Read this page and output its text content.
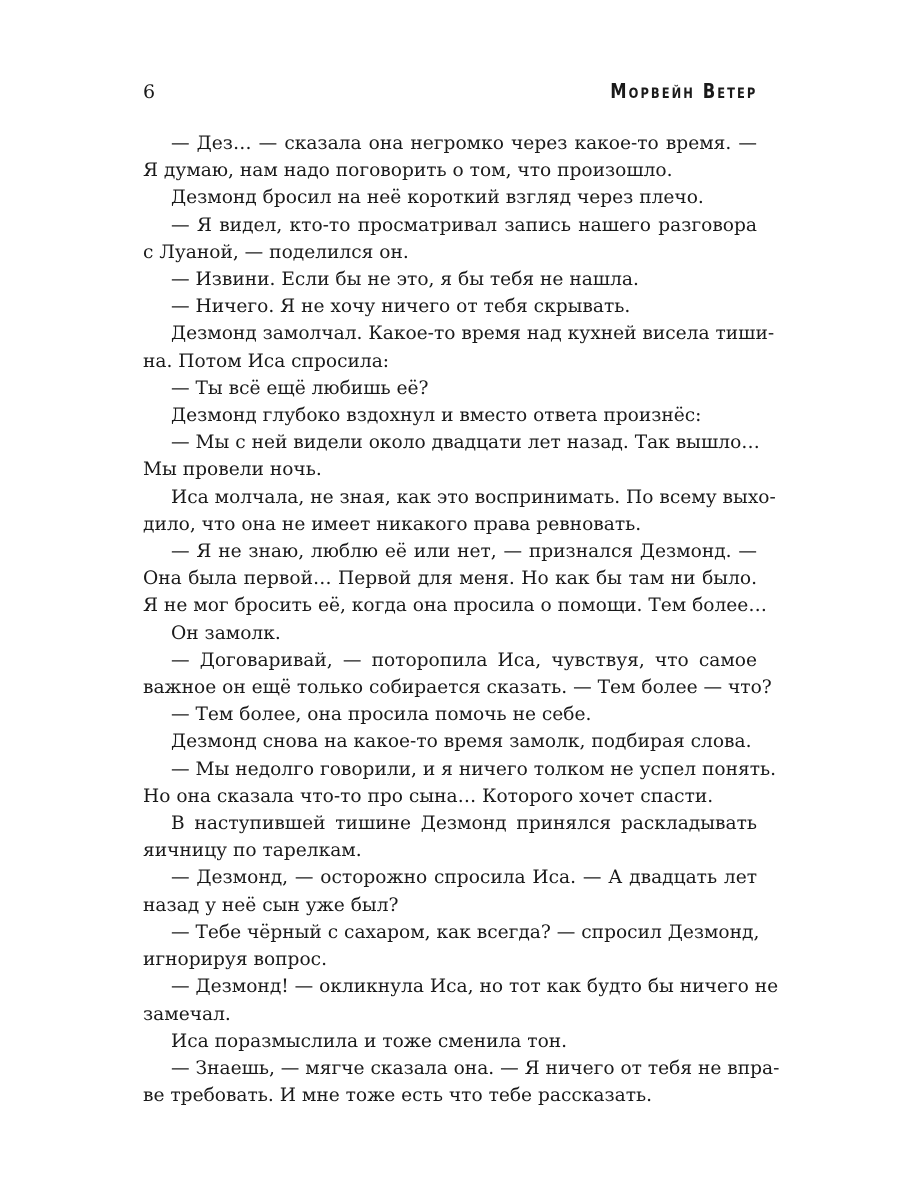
6	Морвейн Ветер
— Дез… — сказала она негромко через какое-то время. —
Я думаю, нам надо поговорить о том, что произошло.
Дезмонд бросил на неё короткий взгляд через плечо.
— Я видел, кто-то просматривал запись нашего разговора
с Луаной, — поделился он.
— Извини. Если бы не это, я бы тебя не нашла.
— Ничего. Я не хочу ничего от тебя скрывать.
Дезмонд замолчал. Какое-то время над кухней висела тиши-
на. Потом Иса спросила:
— Ты всё ещё любишь её?
Дезмонд глубоко вздохнул и вместо ответа произнёс:
— Мы с ней видели около двадцати лет назад. Так вышло…
Мы провели ночь.
Иса молчала, не зная, как это воспринимать. По всему выхо-
дило, что она не имеет никакого права ревновать.
— Я не знаю, люблю её или нет, — признался Дезмонд. —
Она была первой… Первой для меня. Но как бы там ни было.
Я не мог бросить её, когда она просила о помощи. Тем более…
Он замолк.
— Договаривай, — поторопила Иса, чувствуя, что самое
важное он ещё только собирается сказать. — Тем более — что?
— Тем более, она просила помочь не себе.
Дезмонд снова на какое-то время замолк, подбирая слова.
— Мы недолго говорили, и я ничего толком не успел понять.
Но она сказала что-то про сына… Которого хочет спасти.
В наступившей тишине Дезмонд принялся раскладывать
яичницу по тарелкам.
— Дезмонд, — осторожно спросила Иса. — А двадцать лет
назад у неё сын уже был?
— Тебе чёрный с сахаром, как всегда? — спросил Дезмонд,
игнорируя вопрос.
— Дезмонд! — окликнула Иса, но тот как будто бы ничего не
замечал.
Иса поразмыслила и тоже сменила тон.
— Знаешь, — мягче сказала она. — Я ничего от тебя не впра-
ве требовать. И мне тоже есть что тебе рассказать.
